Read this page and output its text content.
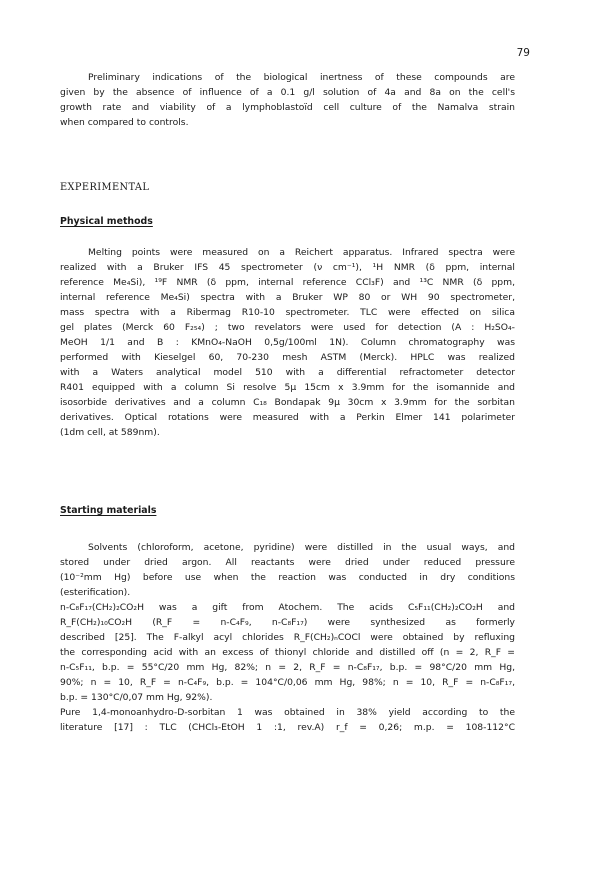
79
Preliminary indications of the biological inertness of these compounds are
given by the absence of influence of a 0.1 g/l solution of 4a and 8a on the cell's
growth rate and viability of a lymphoblastoïd cell culture of the Namalva strain
when compared to controls.
EXPERIMENTAL
Physical methods
Melting points were measured on a Reichert apparatus. Infrared spectra were
realized with a Bruker IFS 45 spectrometer (ν cm⁻¹), ¹H NMR (δ ppm, internal
reference Me₄Si), ¹⁹F NMR (δ ppm, internal reference CCl₃F) and ¹³C NMR (δ ppm,
internal reference Me₄Si) spectra with a Bruker WP 80 or WH 90 spectrometer,
mass spectra with a Ribermag R10-10 spectrometer. TLC were effected on silica
gel plates (Merck 60 F₂₅₄) ; two revelators were used for detection (A : H₂SO₄-
MeOH 1/1 and B : KMnO₄-NaOH 0,5g/100ml 1N). Column chromatography was
performed with Kieselgel 60, 70-230 mesh ASTM (Merck). HPLC was realized
with a Waters analytical model 510 with a differential refractometer detector
R401 equipped with a column Si resolve 5μ 15cm x 3.9mm for the isomannide and
isosorbide derivatives and a column C₁₈ Bondapak 9μ 30cm x 3.9mm for the sorbitan
derivatives. Optical rotations were measured with a Perkin Elmer 141 polarimeter
(1dm cell, at 589nm).
Starting materials
Solvents (chloroform, acetone, pyridine) were distilled in the usual ways, and
stored under dried argon. All reactants were dried under reduced pressure
(10⁻²mm Hg) before use when the reaction was conducted in dry conditions
(esterification).
n-C₈F₁₇(CH₂)₂CO₂H was a gift from Atochem. The acids C₅F₁₁(CH₂)₂CO₂H and
R_F(CH₂)₁₀CO₂H (R_F = n-C₄F₉, n-C₈F₁₇) were synthesized as formerly
described [25]. The F-alkyl acyl chlorides R_F(CH₂)ₙCOCl were obtained by refluxing
the corresponding acid with an excess of thionyl chloride and distilled off (n = 2, R_F =
n-C₅F₁₁, b.p. = 55°C/20 mm Hg, 82%; n = 2, R_F = n-C₈F₁₇, b.p. = 98°C/20 mm Hg,
90%; n = 10, R_F = n-C₄F₉, b.p. = 104°C/0,06 mm Hg, 98%; n = 10, R_F = n-C₈F₁₇,
b.p. = 130°C/0,07 mm Hg, 92%).
Pure 1,4-monoanhydro-D-sorbitan 1 was obtained in 38% yield according to the
literature [17] : TLC (CHCl₃-EtOH 1 :1, rev.A) r_f = 0,26; m.p. = 108-112°C
